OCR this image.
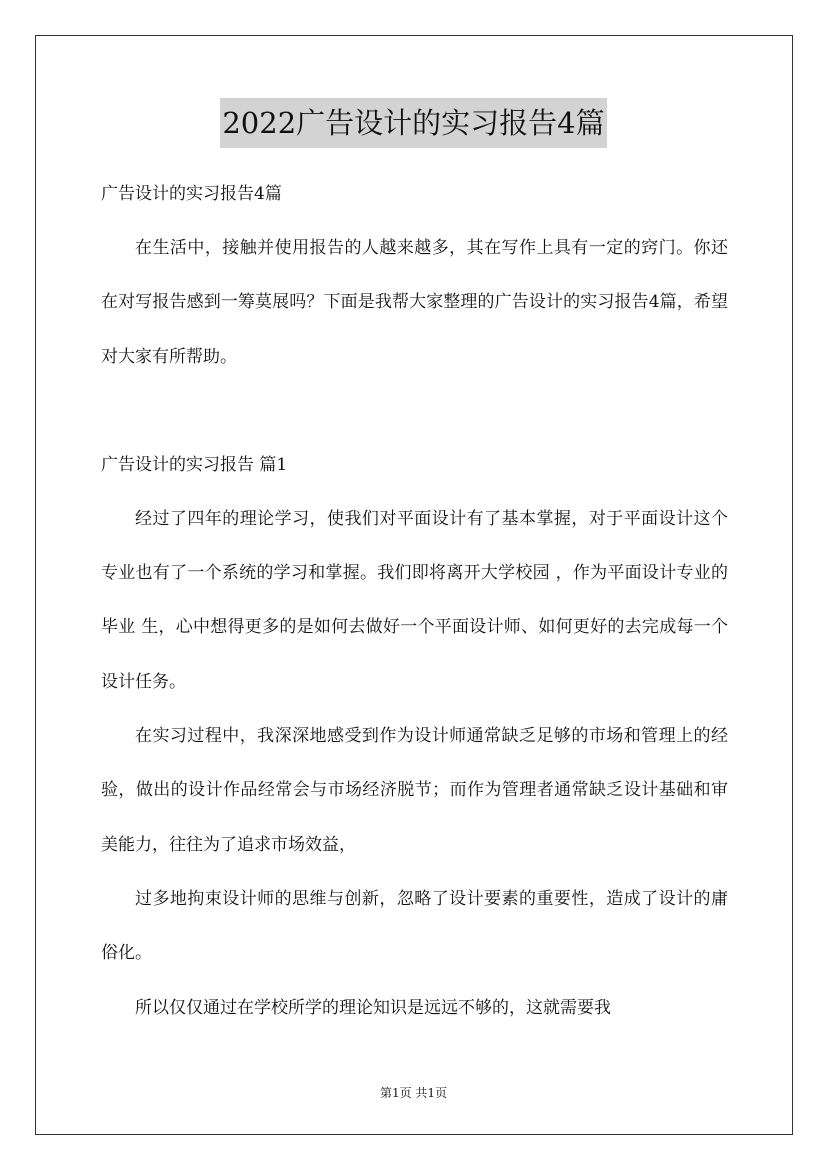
2022广告设计的实习报告4篇

广告设计的实习报告4篇

在生活中，接触并使用报告的人越来越多，其在写作上具有一定的窍门。你还在对写报告感到一筹莫展吗？下面是我帮大家整理的广告设计的实习报告4篇，希望对大家有所帮助。

广告设计的实习报告 篇1

经过了四年的理论学习，使我们对平面设计有了基本掌握，对于平面设计这个专业也有了一个系统的学习和掌握。我们即将离开大学校园 ，作为平面设计专业的毕业 生，心中想得更多的是如何去做好一个平面设计师、如何更好的去完成每一个设计任务。

在实习过程中，我深深地感受到作为设计师通常缺乏足够的市场和管理上的经验，做出的设计作品经常会与市场经济脱节；而作为管理者通常缺乏设计基础和审美能力，往往为了追求市场效益，

过多地拘束设计师的思维与创新，忽略了设计要素的重要性，造成了设计的庸俗化。

所以仅仅通过在学校所学的理论知识是远远不够的，这就需要我

第1页 共1页
